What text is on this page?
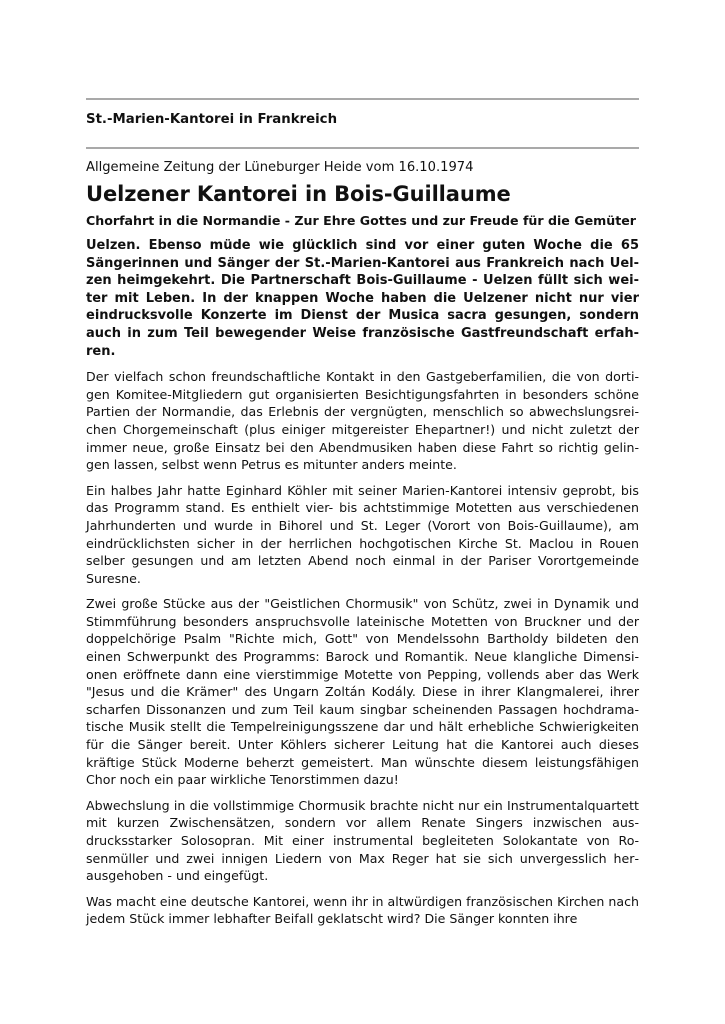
St.-Marien-Kantorei in Frankreich
Allgemeine Zeitung der Lüneburger Heide vom 16.10.1974
Uelzener Kantorei in Bois-Guillaume
Chorfahrt in die Normandie - Zur Ehre Gottes und zur Freude für die Gemüter
Uelzen. Ebenso müde wie glücklich sind vor einer guten Woche die 65 Sängerinnen und Sänger der St.-Marien-Kantorei aus Frankreich nach Uelzen heimgekehrt. Die Partnerschaft Bois-Guillaume - Uelzen füllt sich weiter mit Leben. In der knappen Woche haben die Uelzener nicht nur vier eindrucksvolle Konzerte im Dienst der Musica sacra gesungen, sondern auch in zum Teil bewegender Weise französische Gastfreundschaft erfahren.
Der vielfach schon freundschaftliche Kontakt in den Gastgeberfamilien, die von dortigen Komitee-Mitgliedern gut organisierten Besichtigungsfahrten in besonders schöne Partien der Normandie, das Erlebnis der vergnügten, menschlich so abwechslungsreichen Chorgemeinschaft (plus einiger mitgereister Ehepartner!) und nicht zuletzt der immer neue, große Einsatz bei den Abendmusiken haben diese Fahrt so richtig gelingen lassen, selbst wenn Petrus es mitunter anders meinte.
Ein halbes Jahr hatte Eginhard Köhler mit seiner Marien-Kantorei intensiv geprobt, bis das Programm stand. Es enthielt vier- bis achtstimmige Motetten aus verschiedenen Jahrhunderten und wurde in Bihorel und St. Leger (Vorort von Bois-Guillaume), am eindrücklichsten sicher in der herrlichen hochgotischen Kirche St. Maclou in Rouen selber gesungen und am letzten Abend noch einmal in der Pariser Vorortgemeinde Suresne.
Zwei große Stücke aus der "Geistlichen Chormusik" von Schütz, zwei in Dynamik und Stimmführung besonders anspruchsvolle lateinische Motetten von Bruckner und der doppelchörige Psalm "Richte mich, Gott" von Mendelssohn Bartholdy bildeten den einen Schwerpunkt des Programms: Barock und Romantik. Neue klangliche Dimensionen eröffnete dann eine vierstimmige Motette von Pepping, vollends aber das Werk "Jesus und die Krämer" des Ungarn Zoltán Kodály. Diese in ihrer Klangmalerei, ihrer scharfen Dissonanzen und zum Teil kaum singbar scheinenden Passagen hochdramatische Musik stellt die Tempelreinigungsszene dar und hält erhebliche Schwierigkeiten für die Sänger bereit. Unter Köhlers sicherer Leitung hat die Kantorei auch dieses kräftige Stück Moderne beherzt gemeistert. Man wünschte diesem leistungsfähigen Chor noch ein paar wirkliche Tenorstimmen dazu!
Abwechslung in die vollstimmige Chormusik brachte nicht nur ein Instrumentalquartett mit kurzen Zwischensätzen, sondern vor allem Renate Singers inzwischen ausdrucksstarker Solosopran. Mit einer instrumental begleiteten Solokantate von Rosenmüller und zwei innigen Liedern von Max Reger hat sie sich unvergesslich herausgehoben - und eingefügt.
Was macht eine deutsche Kantorei, wenn ihr in altwürdigen französischen Kirchen nach jedem Stück immer lebhafter Beifall geklatscht wird? Die Sänger konnten ihre
